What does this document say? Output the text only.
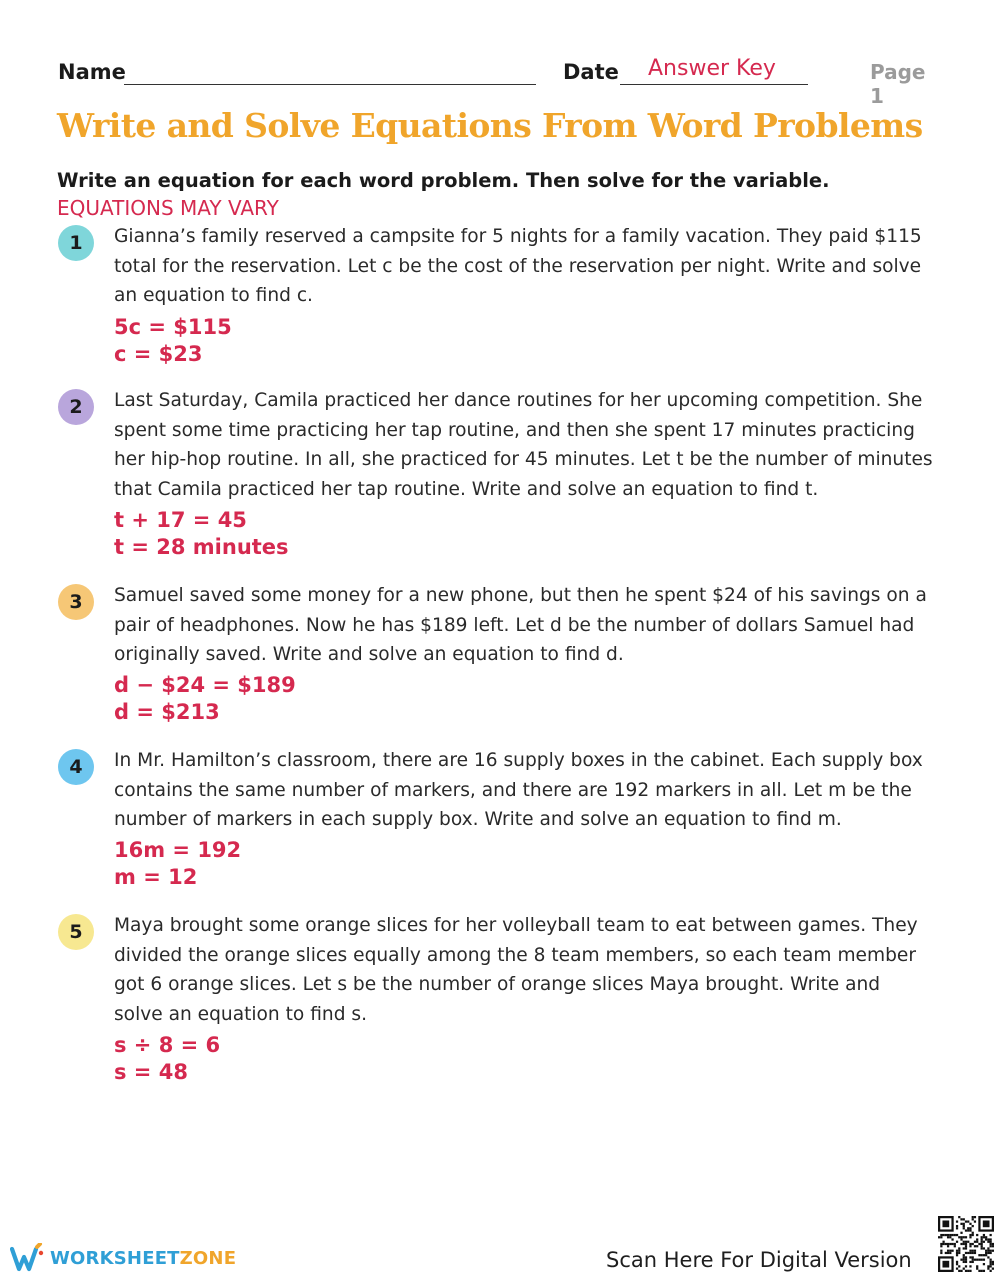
Name	Date Answer Key	Page 1
Write and Solve Equations From Word Problems

Write an equation for each word problem. Then solve for the variable.

EQUATIONS MAY VARY

1 Gianna’s family reserved a campsite for 5 nights for a family vacation. They paid $115 total for the reservation. Let c be the cost of the reservation per night. Write and solve an equation to find c.

5c = $115
c = $23
2 Last Saturday, Camila practiced her dance routines for her upcoming competition. She spent some time practicing her tap routine, and then she spent 17 minutes practicing her hip-hop routine. In all, she practiced for 45 minutes. Let t be the number of minutes that Camila practiced her tap routine. Write and solve an equation to find t.

t + 17 = 45
t = 28 minutes
3 Samuel saved some money for a new phone, but then he spent $24 of his savings on a pair of headphones. Now he has $189 left. Let d be the number of dollars Samuel had originally saved. Write and solve an equation to find d.

d − $24 = $189
d = $213
4 In Mr. Hamilton’s classroom, there are 16 supply boxes in the cabinet. Each supply box contains the same number of markers, and there are 192 markers in all. Let m be the number of markers in each supply box. Write and solve an equation to find m.

16m = 192
m = 12
5 Maya brought some orange slices for her volleyball team to eat between games. They divided the orange slices equally among the 8 team members, so each team member got 6 orange slices. Let s be the number of orange slices Maya brought. Write and solve an equation to find s.

s ÷ 8 = 6
s = 48
WORKSHEETZONE	Scan Here For Digital Version
